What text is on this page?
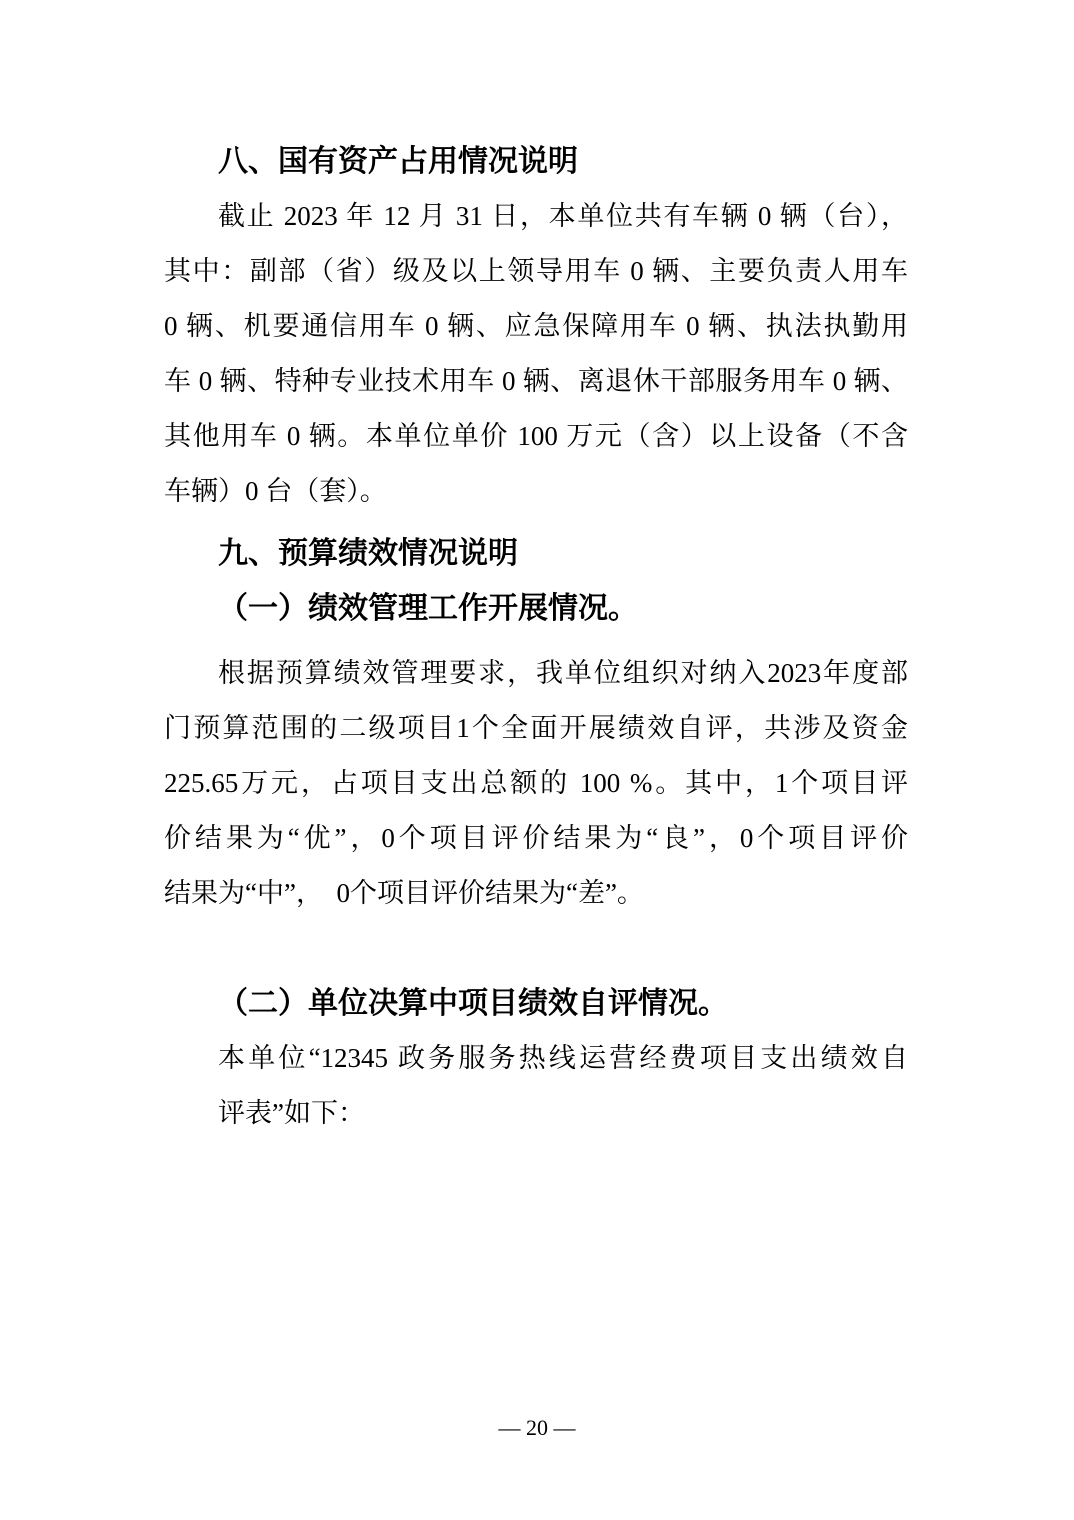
八、国有资产占用情况说明
截止 2023 年 12 月 31 日，本单位共有车辆 0 辆（台），
其中：副部（省）级及以上领导用车 0 辆、主要负责人用车
0 辆、机要通信用车 0 辆、应急保障用车 0 辆、执法执勤用
车 0 辆、特种专业技术用车 0 辆、离退休干部服务用车 0 辆、
其他用车 0 辆。本单位单价 100 万元（含）以上设备（不含
车辆）0 台（套）。
九、预算绩效情况说明
（一）绩效管理工作开展情况。
根据预算绩效管理要求，我单位组织对纳入2023年度部
门预算范围的二级项目1个全面开展绩效自评，共涉及资金
225.65万元，占项目支出总额的 100 %。其中，1个项目评
价结果为“优”，0个项目评价结果为“良”，0个项目评价
结果为“中”，　0个项目评价结果为“差”。
（二）单位决算中项目绩效自评情况。
本单位“12345 政务服务热线运营经费项目支出绩效自
评表”如下：
— 20 —
